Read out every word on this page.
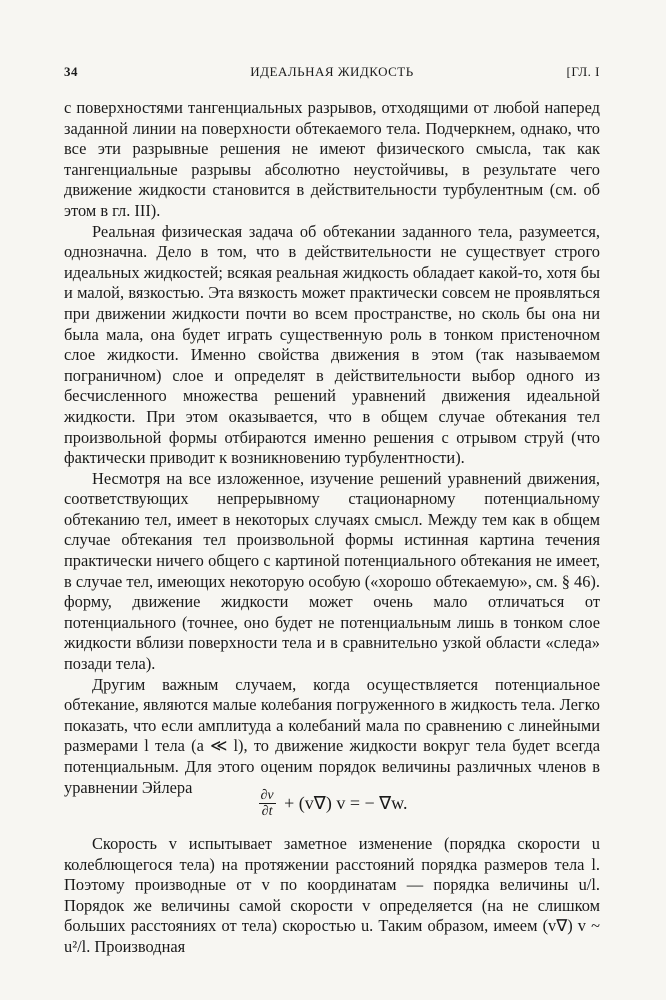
34	ИДЕАЛЬНАЯ ЖИДКОСТЬ	[ГЛ. I

с поверхностями тангенциальных разрывов, отходящими от любой наперед заданной линии на поверхности обтекаемого тела. Подчеркнем, однако, что все эти разрывные решения не имеют физического смысла, так как тангенциальные разрывы абсолютно неустойчивы, в результате чего движение жидкости становится в действительности турбулентным (см. об этом в гл. III).

Реальная физическая задача об обтекании заданного тела, разумеется, однозначна. Дело в том, что в действительности не существует строго идеальных жидкостей; всякая реальная жидкость обладает какой-то, хотя бы и малой, вязкостью. Эта вязкость может практически совсем не проявляться при движении жидкости почти во всем пространстве, но сколь бы она ни была мала, она будет играть существенную роль в тонком пристеночном слое жидкости. Именно свойства движения в этом (так называемом пограничном) слое и определят в действительности выбор одного из бесчисленного множества решений уравнений движения идеальной жидкости. При этом оказывается, что в общем случае обтекания тел произвольной формы отбираются именно решения с отрывом струй (что фактически приводит к возникновению турбулентности).

Несмотря на все изложенное, изучение решений уравнений движения, соответствующих непрерывному стационарному потенциальному обтеканию тел, имеет в некоторых случаях смысл. Между тем как в общем случае обтекания тел произвольной формы истинная картина течения практически ничего общего с картиной потенциального обтекания не имеет, в случае тел, имеющих некоторую особую («хорошо обтекаемую», см. § 46). форму, движение жидкости может очень мало отличаться от потенциального (точнее, оно будет не потенциальным лишь в тонком слое жидкости вблизи поверхности тела и в сравнительно узкой области «следа» позади тела).

Другим важным случаем, когда осуществляется потенциальное обтекание, являются малые колебания погруженного в жидкость тела. Легко показать, что если амплитуда a колебаний мала по сравнению с линейными размерами l тела (a ≪ l), то движение жидкости вокруг тела будет всегда потенциальным. Для этого оценим порядок величины различных членов в уравнении Эйлера

$\frac{\partial v}{\partial t} + (v\nabla) v$ = − ∇w.

Скорость v испытывает заметное изменение (порядка скорости u колеблющегося тела) на протяжении расстояний порядка размеров тела l. Поэтому производные от v по координатам — порядка величины u/l. Порядок же величины самой скорости v определяется (на не слишком больших расстояниях от тела) скоростью u. Таким образом, имеем (v∇) v ~ u²/l. Производная
